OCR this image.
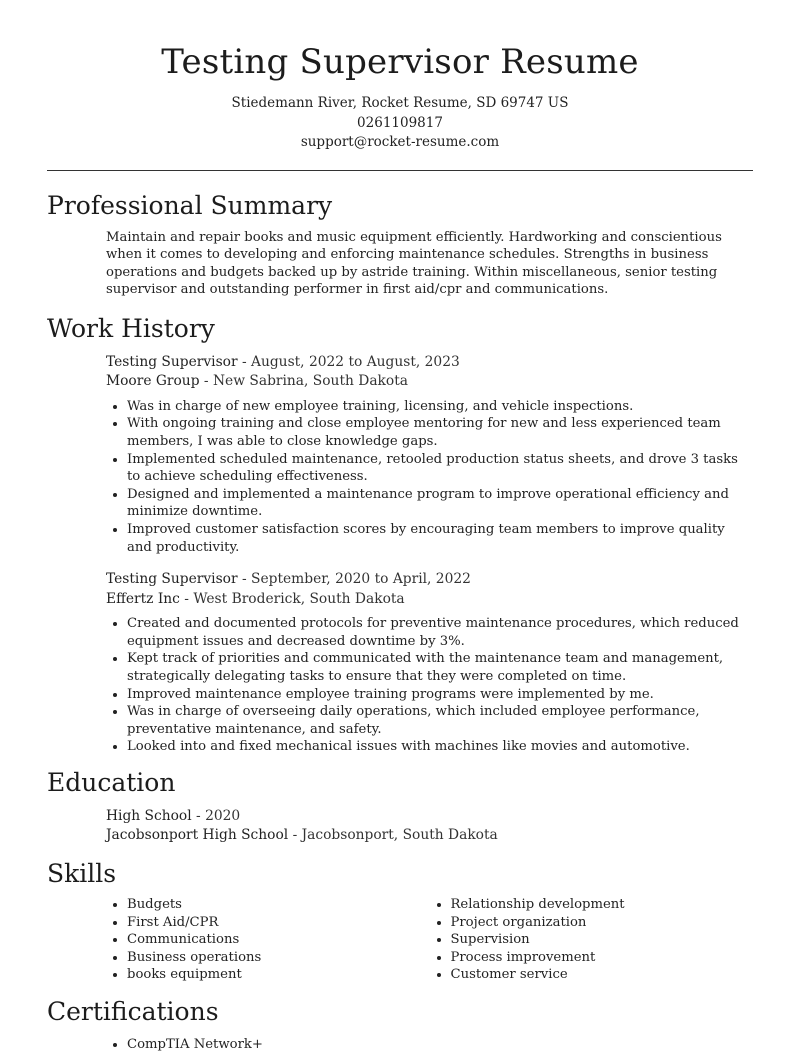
Testing Supervisor Resume
Stiedemann River, Rocket Resume, SD 69747 US
0261109817
support@rocket-resume.com
Professional Summary
Maintain and repair books and music equipment efficiently. Hardworking and conscientious when it comes to developing and enforcing maintenance schedules. Strengths in business operations and budgets backed up by astride training. Within miscellaneous, senior testing supervisor and outstanding performer in first aid/cpr and communications.
Work History
Testing Supervisor - August, 2022 to August, 2023
Moore Group - New Sabrina, South Dakota
• Was in charge of new employee training, licensing, and vehicle inspections.
• With ongoing training and close employee mentoring for new and less experienced team members, I was able to close knowledge gaps.
• Implemented scheduled maintenance, retooled production status sheets, and drove 3 tasks to achieve scheduling effectiveness.
• Designed and implemented a maintenance program to improve operational efficiency and minimize downtime.
• Improved customer satisfaction scores by encouraging team members to improve quality and productivity.
Testing Supervisor - September, 2020 to April, 2022
Effertz Inc - West Broderick, South Dakota
• Created and documented protocols for preventive maintenance procedures, which reduced equipment issues and decreased downtime by 3%.
• Kept track of priorities and communicated with the maintenance team and management, strategically delegating tasks to ensure that they were completed on time.
• Improved maintenance employee training programs were implemented by me.
• Was in charge of overseeing daily operations, which included employee performance, preventative maintenance, and safety.
• Looked into and fixed mechanical issues with machines like movies and automotive.
Education
High School - 2020
Jacobsonport High School - Jacobsonport, South Dakota
Skills
• Budgets
• First Aid/CPR
• Communications
• Business operations
• books equipment
• Relationship development
• Project organization
• Supervision
• Process improvement
• Customer service
Certifications
• CompTIA Network+
